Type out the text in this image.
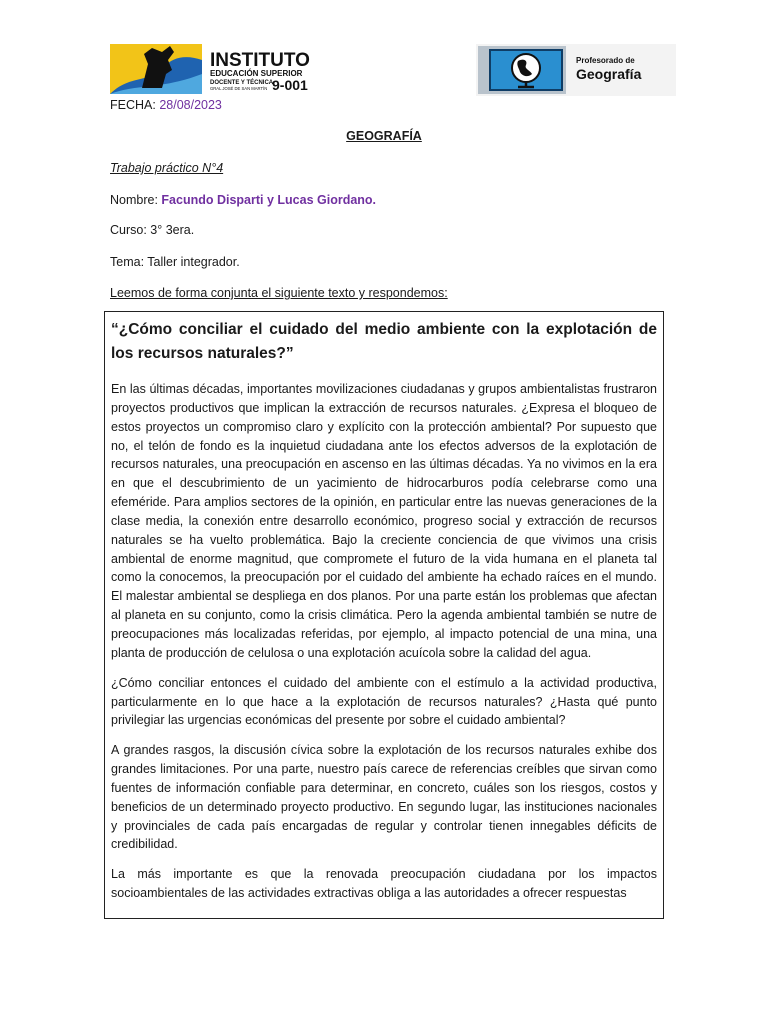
INSTITUTO
EDUCACIÓN SUPERIOR
DOCENTE Y TÉCNICA
GRAL JOSÉ DE SAN MARTÍN 9-001
Profesorado de
Geografía
FECHA: 28/08/2023
GEOGRAFÍA
Trabajo práctico N°4
Nombre: Facundo Disparti y Lucas Giordano.
Curso: 3° 3era.
Tema: Taller integrador.
Leemos de forma conjunta el siguiente texto y respondemos:
“¿Cómo conciliar el cuidado del medio ambiente con la explotación de los recursos naturales?”

En las últimas décadas, importantes movilizaciones ciudadanas y grupos ambientalistas frustraron proyectos productivos que implican la extracción de recursos naturales. ¿Expresa el bloqueo de estos proyectos un compromiso claro y explícito con la protección ambiental? Por supuesto que no, el telón de fondo es la inquietud ciudadana ante los efectos adversos de la explotación de recursos naturales, una preocupación en ascenso en las últimas décadas. Ya no vivimos en la era en que el descubrimiento de un yacimiento de hidrocarburos podía celebrarse como una efeméride. Para amplios sectores de la opinión, en particular entre las nuevas generaciones de la clase media, la conexión entre desarrollo económico, progreso social y extracción de recursos naturales se ha vuelto problemática. Bajo la creciente conciencia de que vivimos una crisis ambiental de enorme magnitud, que compromete el futuro de la vida humana en el planeta tal como la conocemos, la preocupación por el cuidado del ambiente ha echado raíces en el mundo. El malestar ambiental se despliega en dos planos. Por una parte están los problemas que afectan al planeta en su conjunto, como la crisis climática. Pero la agenda ambiental también se nutre de preocupaciones más localizadas referidas, por ejemplo, al impacto potencial de una mina, una planta de producción de celulosa o una explotación acuícola sobre la calidad del agua.

¿Cómo conciliar entonces el cuidado del ambiente con el estímulo a la actividad productiva, particularmente en lo que hace a la explotación de recursos naturales? ¿Hasta qué punto privilegiar las urgencias económicas del presente por sobre el cuidado ambiental?

A grandes rasgos, la discusión cívica sobre la explotación de los recursos naturales exhibe dos grandes limitaciones. Por una parte, nuestro país carece de referencias creíbles que sirvan como fuentes de información confiable para determinar, en concreto, cuáles son los riesgos, costos y beneficios de un determinado proyecto productivo. En segundo lugar, las instituciones nacionales y provinciales de cada país encargadas de regular y controlar tienen innegables déficits de credibilidad.

La más importante es que la renovada preocupación ciudadana por los impactos socioambientales de las actividades extractivas obliga a las autoridades a ofrecer respuestas
